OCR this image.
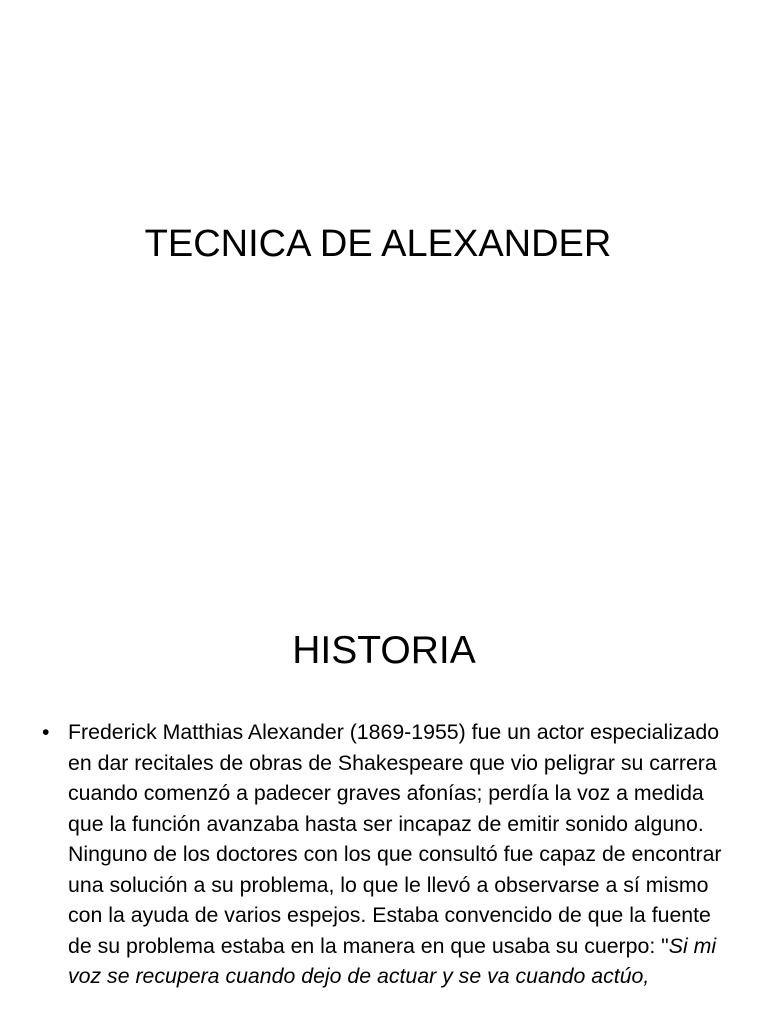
TECNICA DE ALEXANDER
HISTORIA
• Frederick Matthias Alexander (1869-1955) fue un actor especializado en dar recitales de obras de Shakespeare que vio peligrar su carrera cuando comenzó a padecer graves afonías; perdía la voz a medida que la función avanzaba hasta ser incapaz de emitir sonido alguno. Ninguno de los doctores con los que consultó fue capaz de encontrar una solución a su problema, lo que le llevó a observarse a sí mismo con la ayuda de varios espejos. Estaba convencido de que la fuente de su problema estaba en la manera en que usaba su cuerpo: "Si mi voz se recupera cuando dejo de actuar y se va cuando actúo,
